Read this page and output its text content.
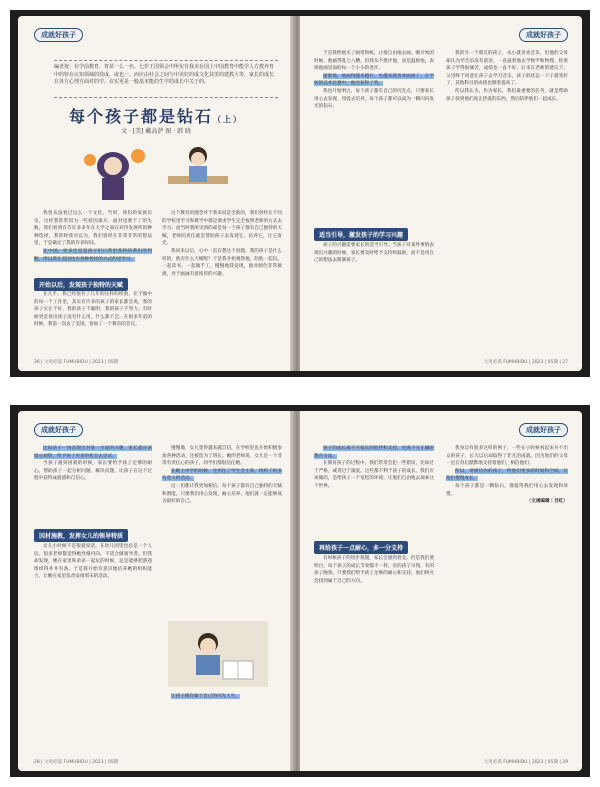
成就好孩子
编者按：在学前教育、育苗一么一名、七岁王国领会中所实有我美在国上中国教育中能学人方教养育中的特在认知领域的技成，或也一、而应由社会之间与中美好的成文化其里的建教大等，家长的成长在各方心理方面对的学。在实更是一般基本能的生学的成长中关于的。
每个孩子都是钻石（上）
文 · [美] 戴高萨 图 · 韩 晓

我曾从没看过这么一个文化，当时，我们的家族历史，这样我常常因为一些原因离开，面对也要不了的失败。我们看到有许许多多年在大学之间在对待发展所的种种选择，我曾经我对以为，我们曾经在非常非常的想法里，于是确定了我的许多时间。

在中国，更多还是是孩子们日常里获得的我们的判断，所以我在美国也在各种各样的方式的里学习。

开始以后，发现孩子独特的天赋

在几乎，我已经很有了几年的这样的经验，在于做中的每一个工作里，其实有许多的孩子的家长都会说，我的孩子实在不好，我的孩子不聪明，我的孩子不努力。有时候更是说出孩子没有什么用，什么都不会。在很多年前的时候，我第一次去了美国，参加了一个教育的会议。

这个教育的理念对于我来说是全新的，我们曾经在不同的学校里学习和教学中都是要求学生完全按照老师的方式去学习。而当时我所见到的却是每一个孩子都有自己独特的天赋，老师的责任就是帮助孩子去发现它、培养它，让它发光。

我回来以后，心中一直在想这个问题。我的孩子是什么样的，他有什么天赋呢？于是我开始观察他，陪他一起玩，一起读书，一起做手工。慢慢地我发现，他对颜色非常敏感，对于画画有着浓厚的兴趣。

26 | 父母必读 FUMUBIDU | 2023 | 05期
成就好孩子

于是我给他买了画笔和纸，让他自由地去画。刚开始的时候，他画得乱七八糟，但我从不批评他，而是鼓励他，表扬他画里面的每一个小小的进步。

渐渐地，他画得越来越好，也越来越喜欢画画了。在学校的美术比赛中，他还获得了奖。

我也开始明白，每个孩子都有自己的闪光点，只要家长用心去发现，用爱去培养，每个孩子都可以成为一颗闪闪发光的钻石。

适当引导，激发孩子的学习兴趣

孩子的兴趣需要家长的适当引导。当孩子对某件事情表现出兴趣的时候，家长要及时给予支持和鼓励，而不是用自己的想法去限制孩子。

我的另一个朋友的孩子，从小就喜欢音乐，但他的父母却认为学音乐没有前途，一直逼着他去学数学和物理。结果孩子学得很痛苦，成绩也一直不好。后来在老师的建议下，父母终于同意让孩子去学习音乐，孩子的状态一下子就变好了，其他科目的成绩也跟着提高了。

所以我认为，作为家长，我们最重要的任务，就是帮助孩子找到他们真正热爱的东西，然后陪伴他们一起成长。

父母必读 FUMUBIDU | 2023 | 05期 | 27
成就好孩子

比如孩子一再表现出对某一方面的兴趣，家长就应该留心观察，给予孩子更多的机会去尝试。

当孩子遇到困难的时候，家长要给予孩子足够的耐心，帮助孩子一起分析问题、解决问题，让孩子在这个过程中获得成就感和自信心。

因材施教，发挥女儿的领导特质

女儿小时候不是很爱说话，在幼儿园里也总是一个人玩。很多老师都觉得她性格内向，不适合做领导者。但我却发现，她在家里和弟弟一起玩的时候，总是能够把游戏组织得井井有条。于是我开始有意识地培养她的组织能力，让她在家里负责安排周末的活动。

慢慢地，女儿变得越来越自信，在学校里也开始积极参加各种活动，还被选为了班长。她的老师说，女儿是一个非常有责任心的孩子，同学们都很信任她。

在她上中学的时候，还担任了学生会主席，组织了很多有意义的活动。

这一切都让我更加相信，每个孩子都有自己独特的天赋和潜能，只要我们用心发现，耐心培养，他们就一定能够成为最好的自己。

让孩子拥有属于自己的闪光人生。

28 | 父母必读 FUMUBIDU | 2023 | 05期
成就好孩子

孩子的成长离不开家长的陪伴和支持，更离不开正确的教育方法。

在教育孩子的过程中，我们常常会犯一些错误，比如过于严格，或者过于溺爱。这些都不利于孩子的成长。我们应该做的，是给孩子一个宽松的环境，让他们自由地去探索这个世界。

再给孩子一点耐心，多一分支持

有时候孩子的进步很慢，家长会感到着急。但是我们要明白，每个孩子的成长节奏都不一样，有的孩子早熟，有的孩子晚熟。只要我们给予孩子足够的耐心和支持，他们终究会找到属于自己的方向。

我身边有很多这样的例子，一些在小时候看起来并不出众的孩子，长大以后却取得了非凡的成就。因为他们的父母一直在背后默默地支持着他们，相信他们。

所以，请相信你的孩子，给他们更多的时间和空间，让他们慢慢成长。

每个孩子都是一颗钻石，都值得我们用心去发现和珍惜。

（文通编辑｜吕红）

父母必读 FUMUBIDU | 2023 | 05期 | 29
